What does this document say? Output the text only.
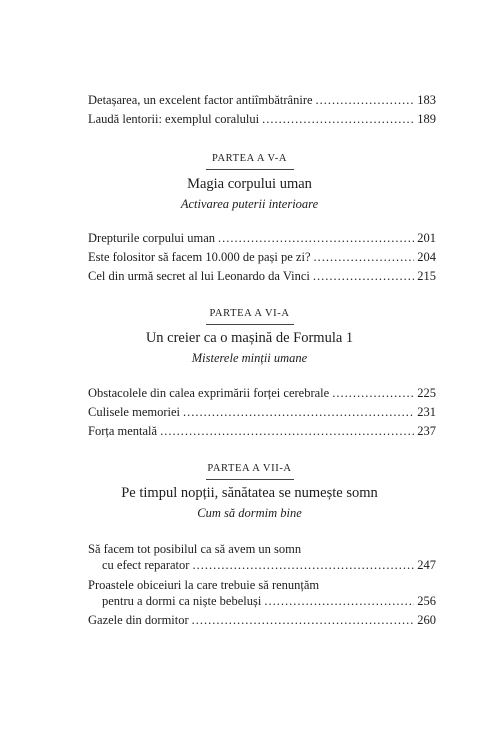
Detașarea, un excelent factor antiîmbătrânire .....	183
Laudă lentorii: exemplul coralului .....	189
PARTEA A V-A
Magia corpului uman
Activarea puterii interioare
Drepturile corpului uman .....	201
Este folositor să facem 10.000 de pași pe zi? .....	204
Cel din urmă secret al lui Leonardo da Vinci .....	215
PARTEA A VI-A
Un creier ca o mașină de Formula 1
Misterele minții umane
Obstacolele din calea exprimării forței cerebrale .....	225
Culisele memoriei .....	231
Forța mentală .....	237
PARTEA A VII-A
Pe timpul nopții, sănătatea se numește somn
Cum să dormim bine
Să facem tot posibilul ca să avem un somn
cu efect reparator .....	247
Proastele obiceiuri la care trebuie să renunțăm
pentru a dormi ca niște bebeluși .....	256
Gazele din dormitor .....	260
